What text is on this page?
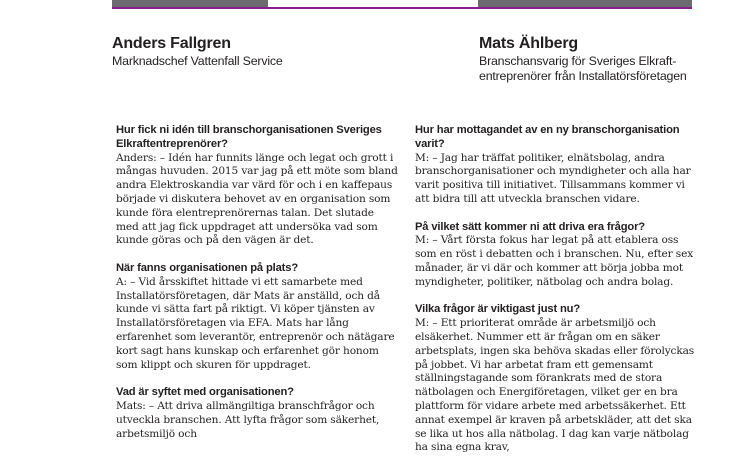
Anders Fallgren
Marknadschef Vattenfall Service
Mats Ählberg
Branschansvarig för Sveriges Elkraft-entreprenörer från Installatörsföretagen
Hur fick ni idén till branschorganisationen Sveriges Elkraftentreprenörer?
Anders: – Idén har funnits länge och legat och grott i mångas huvuden. 2015 var jag på ett möte som bland andra Elektroskandia var värd för och i en kaffepaus började vi diskutera behovet av en organisation som kunde föra elentreprenörernas talan. Det slutade med att jag fick uppdraget att undersöka vad som kunde göras och på den vägen är det.
När fanns organisationen på plats?
A: – Vid årsskiftet hittade vi ett samarbete med Installatörsföretagen, där Mats är anställd, och då kunde vi sätta fart på riktigt. Vi köper tjänsten av Installatörsföretagen via EFA. Mats har lång erfarenhet som leverantör, entreprenör och nätägare kort sagt hans kunskap och erfarenhet gör honom som klippt och skuren för uppdraget.
Vad är syftet med organisationen?
Mats: – Att driva allmängiltiga branschfrågor och utveckla branschen. Att lyfta frågor som säkerhet, arbetsmiljö och
Hur har mottagandet av en ny branschorganisation varit?
M: – Jag har träffat politiker, elnätsbolag, andra branschorganisationer och myndigheter och alla har varit positiva till initiativet. Tillsammans kommer vi att bidra till att utveckla branschen vidare.
På vilket sätt kommer ni att driva era frågor?
M: – Vårt första fokus har legat på att etablera oss som en röst i debatten och i branschen. Nu, efter sex månader, är vi där och kommer att börja jobba mot myndigheter, politiker, nätbolag och andra bolag.
Vilka frågor är viktigast just nu?
M: – Ett prioriterat område är arbetsmiljö och elsäkerhet. Nummer ett är frågan om en säker arbetsplats, ingen ska behöva skadas eller förolyckas på jobbet. Vi har arbetat fram ett gemensamt ställningstagande som förankrats med de stora nätbolagen och Energiföretagen, vilket ger en bra plattform för vidare arbete med arbetssäkerhet. Ett annat exempel är kraven på arbetskläder, att det ska se lika ut hos alla nätbolag. I dag kan varje nätbolag ha sina egna krav,
